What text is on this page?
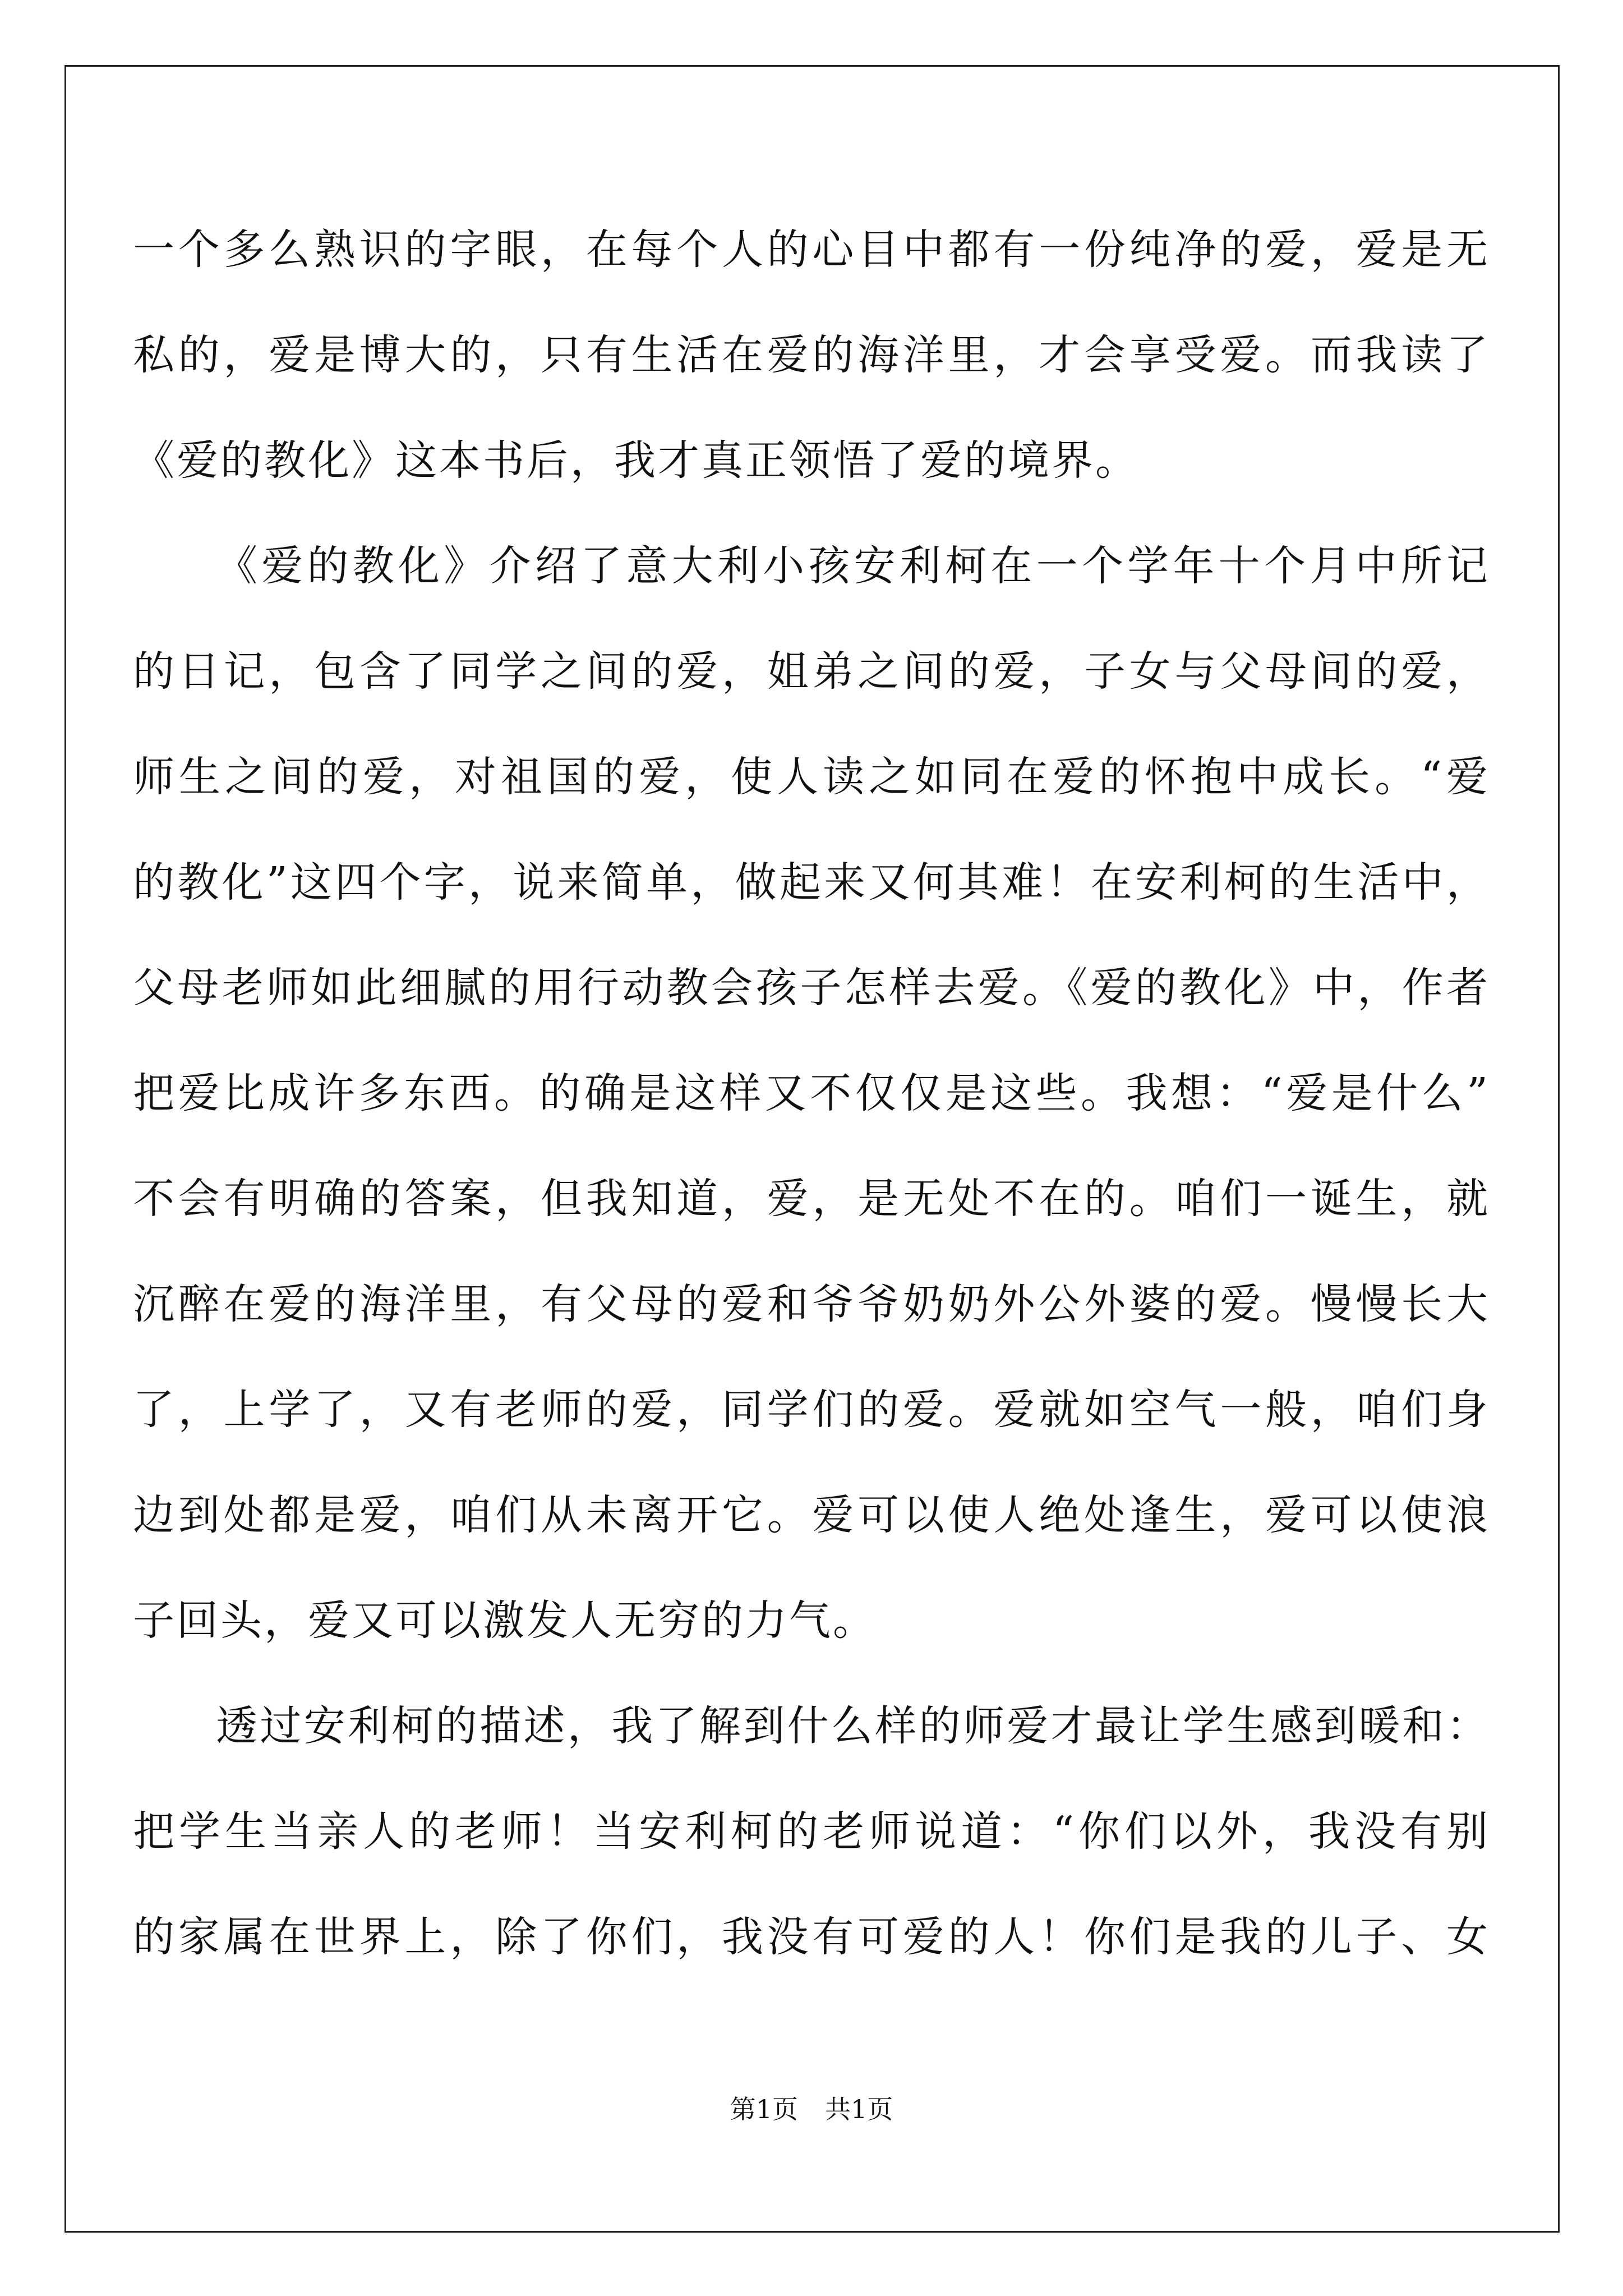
一个多么熟识的字眼，在每个人的心目中都有一份纯净的爱，爱是无
私的，爱是博大的，只有生活在爱的海洋里，才会享受爱。而我读了
《爱的教化》这本书后，我才真正领悟了爱的境界。
《爱的教化》介绍了意大利小孩安利柯在一个学年十个月中所记
的日记，包含了同学之间的爱，姐弟之间的爱，子女与父母间的爱，
师生之间的爱，对祖国的爱，使人读之如同在爱的怀抱中成长。“爱
的教化”这四个字，说来简单，做起来又何其难！在安利柯的生活中，
父母老师如此细腻的用行动教会孩子怎样去爱。《爱的教化》中，作者
把爱比成许多东西。的确是这样又不仅仅是这些。我想：“爱是什么”
不会有明确的答案，但我知道，爱，是无处不在的。咱们一诞生，就
沉醉在爱的海洋里，有父母的爱和爷爷奶奶外公外婆的爱。慢慢长大
了，上学了，又有老师的爱，同学们的爱。爱就如空气一般，咱们身
边到处都是爱，咱们从未离开它。爱可以使人绝处逢生，爱可以使浪
子回头，爱又可以激发人无穷的力气。
透过安利柯的描述，我了解到什么样的师爱才最让学生感到暖和：
把学生当亲人的老师！当安利柯的老师说道：“你们以外，我没有别
的家属在世界上，除了你们，我没有可爱的人！你们是我的儿子、女
第1页 共1页
